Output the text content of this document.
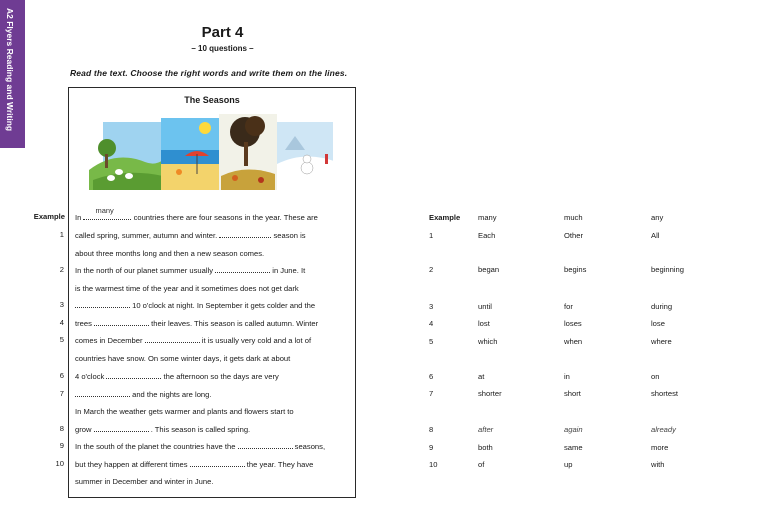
A2 Flyers Reading and Writing	Part 4
– 10 questions –
Read the text. Choose the right words and write them on the lines.
The Seasons
In
many
countries there are four seasons in the year. These are
called spring, summer, autumn and winter.	season is
about three months long and then a new season comes.
In the north of our planet summer usually	in June. It
is the warmest time of the year and it sometimes does not get dark
10 o'clock at night. In September it gets colder and the
trees	their leaves. This season is called autumn. Winter
comes in December	it is usually very cold and a lot of
countries have snow. On some winter days, it gets dark at about
4 o'clock	the afternoon so the days are very
and the nights are long.
In March the weather gets warmer and plants and flowers start to
grow	. This season is called spring.
In the south of the planet the countries have the	seasons,
but they happen at different times	the year. They have
summer in December and winter in June.
Example
1
2
3
4
5
6
7
8
9
10
Example many	much	any
1	Each	Other	All
2	began	begins	beginning
3	until	for	during
4	lost	loses	lose
5	which	when	where
6	at	in	on
7	shorter	short	shortest
8	after	again	already
9	both	same	more
10	of	up	with
